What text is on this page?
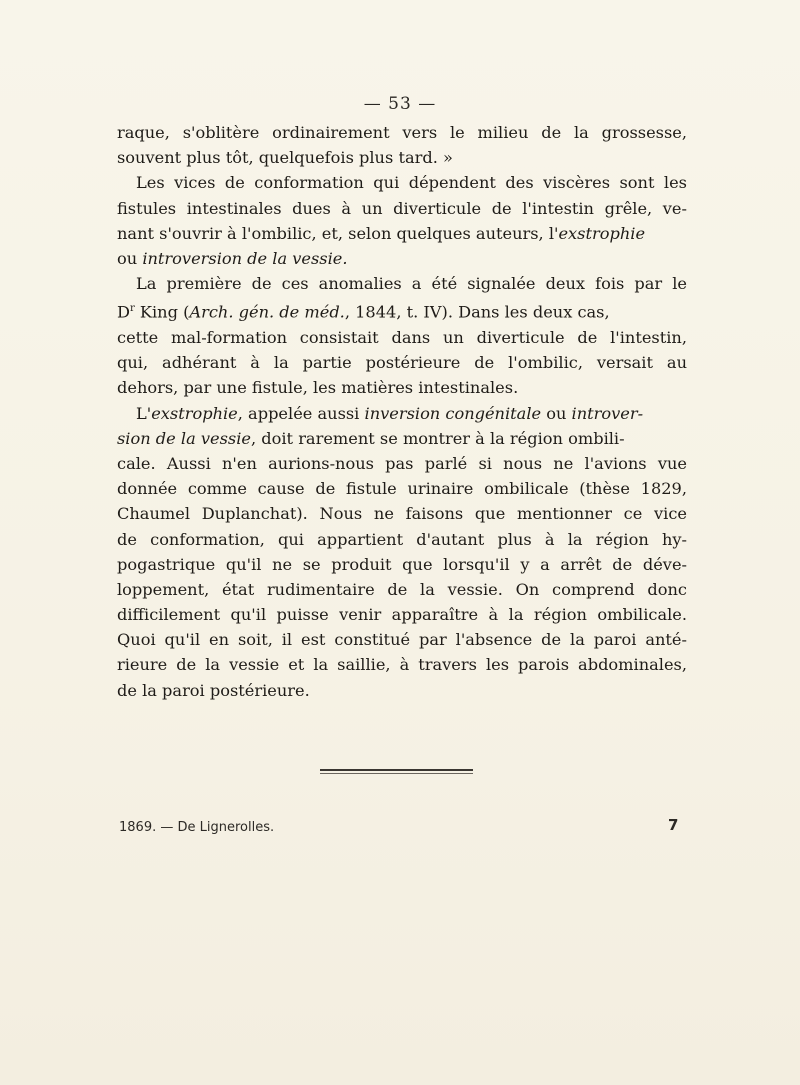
— 53 —
raque, s'oblitère ordinairement vers le milieu de la grossesse,
souvent plus tôt, quelquefois plus tard. »
Les vices de conformation qui dépendent des viscères sont les
fistules intestinales dues à un diverticule de l'intestin grêle, ve-
nant s'ouvrir à l'ombilic, et, selon quelques auteurs, l'exstrophie
ou introversion de la vessie.
La première de ces anomalies a été signalée deux fois par le
$D^r$ King (Arch. gén. de méd., 1844, t. IV). Dans les deux cas,
cette mal-formation consistait dans un diverticule de l'intestin,
qui, adhérant à la partie postérieure de l'ombilic, versait au
dehors, par une fistule, les matières intestinales.
L'exstrophie, appelée aussi inversion congénitale ou introver-
sion de la vessie, doit rarement se montrer à la région ombili-
cale. Aussi n'en aurions-nous pas parlé si nous ne l'avions vue
donnée comme cause de fistule urinaire ombilicale (thèse 1829,
Chaumel Duplanchat). Nous ne faisons que mentionner ce vice
de conformation, qui appartient d'autant plus à la région hy-
pogastrique qu'il ne se produit que lorsqu'il y a arrêt de déve-
loppement, état rudimentaire de la vessie. On comprend donc
difficilement qu'il puisse venir apparaître à la région ombilicale.
Quoi qu'il en soit, il est constitué par l'absence de la paroi anté-
rieure de la vessie et la saillie, à travers les parois abdominales,
de la paroi postérieure.
1869. — De Lignerolles.	7
